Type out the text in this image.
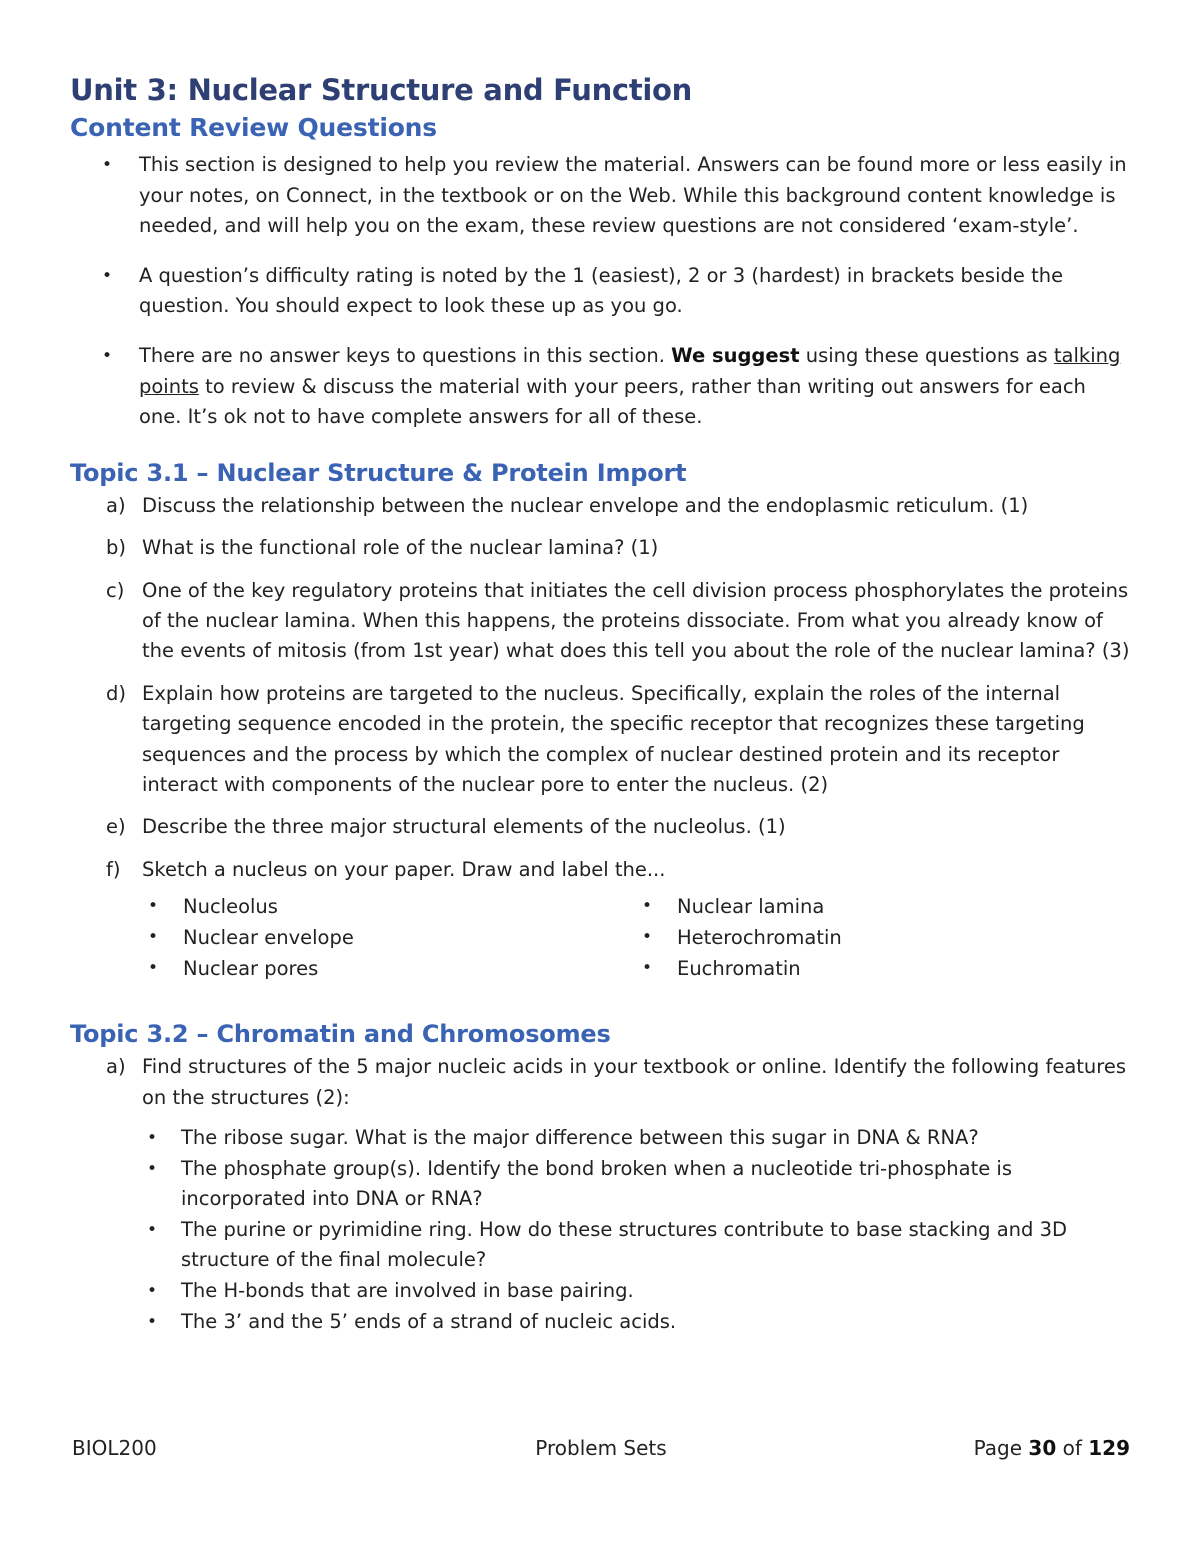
Unit 3: Nuclear Structure and Function
Content Review Questions
• This section is designed to help you review the material. Answers can be found more or less easily in your notes, on Connect, in the textbook or on the Web. While this background content knowledge is needed, and will help you on the exam, these review questions are not considered ‘exam-style’.
• A question’s difficulty rating is noted by the 1 (easiest), 2 or 3 (hardest) in brackets beside the question. You should expect to look these up as you go.
• There are no answer keys to questions in this section. We suggest using these questions as talking points to review & discuss the material with your peers, rather than writing out answers for each one. It’s ok not to have complete answers for all of these.
Topic 3.1 – Nuclear Structure & Protein Import
a) Discuss the relationship between the nuclear envelope and the endoplasmic reticulum. (1)
b) What is the functional role of the nuclear lamina? (1)
c) One of the key regulatory proteins that initiates the cell division process phosphorylates the proteins of the nuclear lamina. When this happens, the proteins dissociate. From what you already know of the events of mitosis (from 1st year) what does this tell you about the role of the nuclear lamina? (3)
d) Explain how proteins are targeted to the nucleus. Specifically, explain the roles of the internal targeting sequence encoded in the protein, the specific receptor that recognizes these targeting sequences and the process by which the complex of nuclear destined protein and its receptor interact with components of the nuclear pore to enter the nucleus. (2)
e) Describe the three major structural elements of the nucleolus. (1)
f) Sketch a nucleus on your paper. Draw and label the...
• Nucleolus
• Nuclear envelope
• Nuclear pores
• Nuclear lamina
• Heterochromatin
• Euchromatin
Topic 3.2 – Chromatin and Chromosomes
a) Find structures of the 5 major nucleic acids in your textbook or online. Identify the following features on the structures (2):
• The ribose sugar. What is the major difference between this sugar in DNA & RNA?
• The phosphate group(s). Identify the bond broken when a nucleotide tri-phosphate is incorporated into DNA or RNA?
• The purine or pyrimidine ring. How do these structures contribute to base stacking and 3D structure of the final molecule?
• The H-bonds that are involved in base pairing.
• The 3’ and the 5’ ends of a strand of nucleic acids.
BIOL200	Problem Sets	Page 30 of 129
